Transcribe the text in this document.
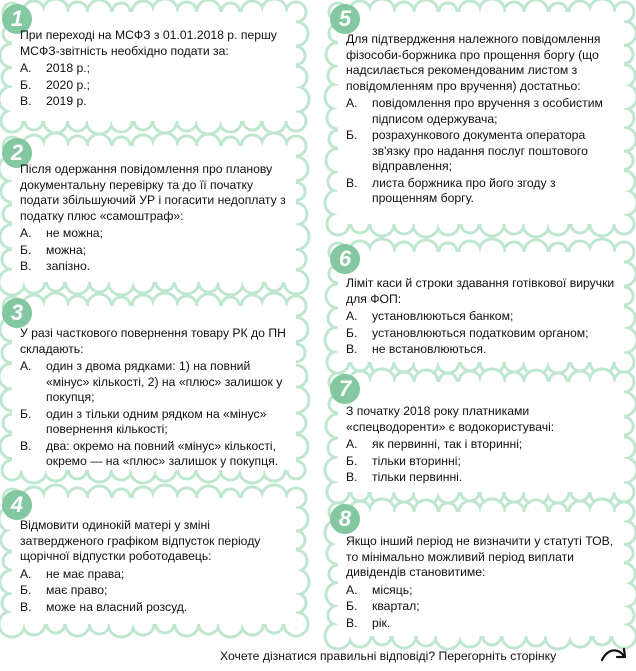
1
При переході на МСФЗ з 01.01.2018 р. першу МСФЗ-звітність необхідно подати за:
А.	2018 р.;
Б.	2020 р.;
В.	2019 р.
2
Після одержання повідомлення про планову документальну перевірку та до її початку подати збільшуючий УР і погасити недоплату з податку плюс «самоштраф»:
А.	не можна;
Б.	можна;
В.	запізно.
3
У разі часткового повернення товару РК до ПН складають:
А.	один з двома рядками: 1) на повний «мінус» кількості, 2) на «плюс» залишок у покупця;
Б.	один з тільки одним рядком на «мінус» повернення кількості;
В.	два: окремо на повний «мінус» кількості, окремо — на «плюс» залишок у покупця.
4
Відмовити одинокій матері у зміні затвердженого графіком відпусток періоду щорічної відпустки роботодавець:
А.	не має права;
Б.	має право;
В.	може на власний розсуд.
5
Для підтвердження належного повідомлення фізособи-боржника про прощення боргу (що надсилається рекомендованим листом з повідомленням про вручення) достатньо:
А.	повідомлення про вручення з особистим підписом одержувача;
Б.	розрахункового документа оператора зв'язку про надання послуг поштового відправлення;
В.	листа боржника про його згоду з прощенням боргу.
6
Ліміт каси й строки здавання готівкової виручки для ФОП:
А.	установлюються банком;
Б.	установлюються податковим органом;
В.	не встановлюються.
7
З початку 2018 року платниками «спецводоренти» є водокористувачі:
А.	як первинні, так і вторинні;
Б.	тільки вторинні;
В.	тільки первинні.
8
Якщо інший період не визначити у статуті ТОВ, то мінімально можливий період виплати дивідендів становитиме:
А.	місяць;
Б.	квартал;
В.	рік.
Хочете дізнатися правильні відповіді? Перегорніть сторінку
